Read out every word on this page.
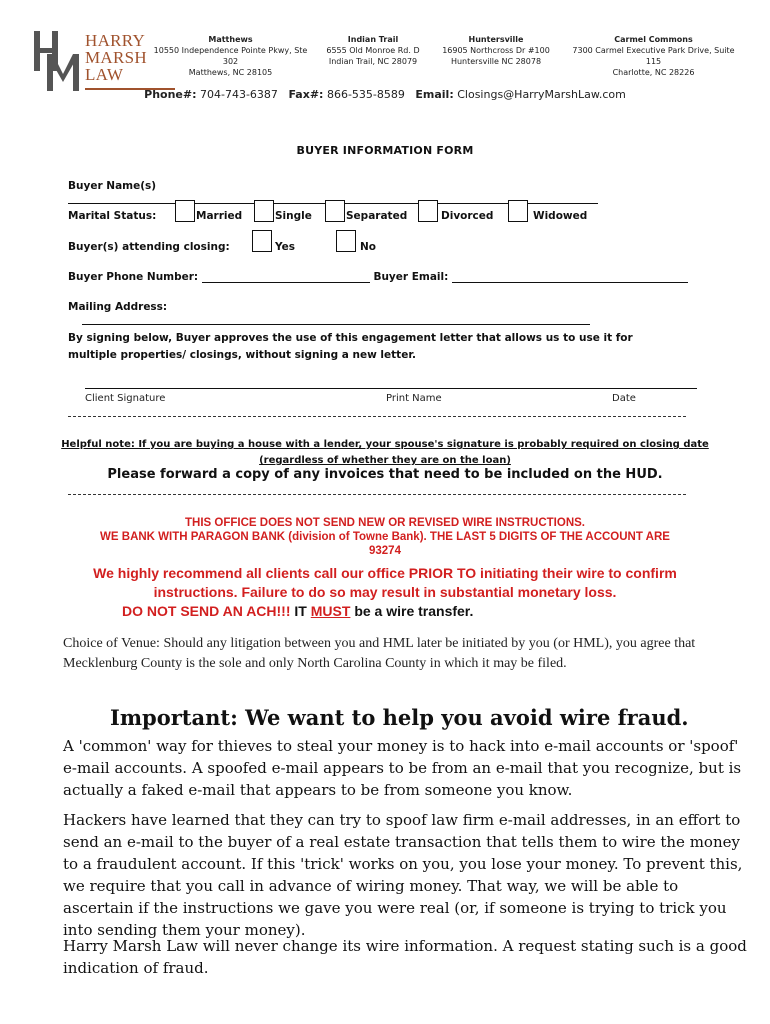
HARRY
MARSH
LAW
Matthews
10550 Independence Pointe Pkwy, Ste 302
Matthews, NC 28105
Indian Trail
6555 Old Monroe Rd. D
Indian Trail, NC 28079
Huntersville
16905 Northcross Dr #100
Huntersville NC 28078
Carmel Commons
7300 Carmel Executive Park Drive, Suite 115
Charlotte, NC 28226
Phone#: 704-743-6387 Fax#: 866-535-8589 Email: Closings@HarryMarshLaw.com
BUYER INFORMATION FORM
Buyer Name(s)
Marital Status:	Married	Single	Separated	Divorced	Widowed
Buyer(s) attending closing:	Yes	No
Buyer Phone Number:	Buyer Email:
Mailing Address:
By signing below, Buyer approves the use of this engagement letter that allows us to use it for multiple properties/ closings, without signing a new letter.
Client Signature	Print Name	Date
Helpful note: If you are buying a house with a lender, your spouse's signature is probably required on closing date (regardless of whether they are on the loan)
Please forward a copy of any invoices that need to be included on the HUD.
THIS OFFICE DOES NOT SEND NEW OR REVISED WIRE INSTRUCTIONS.
WE BANK WITH PARAGON BANK (division of Towne Bank). THE LAST 5 DIGITS OF THE ACCOUNT ARE 93274
We highly recommend all clients call our office PRIOR TO initiating their wire to confirm instructions. Failure to do so may result in substantial monetary loss.
DO NOT SEND AN ACH!!! IT MUST be a wire transfer.
Choice of Venue: Should any litigation between you and HML later be initiated by you (or HML), you agree that Mecklenburg County is the sole and only North Carolina County in which it may be filed.
Important: We want to help you avoid wire fraud.
A 'common' way for thieves to steal your money is to hack into e-mail accounts or 'spoof' e-mail accounts. A spoofed e-mail appears to be from an e-mail that you recognize, but is actually a faked e-mail that appears to be from someone you know.
Hackers have learned that they can try to spoof law firm e-mail addresses, in an effort to send an e-mail to the buyer of a real estate transaction that tells them to wire the money to a fraudulent account. If this 'trick' works on you, you lose your money. To prevent this, we require that you call in advance of wiring money. That way, we will be able to ascertain if the instructions we gave you were real (or, if someone is trying to trick you into sending them your money).
Harry Marsh Law will never change its wire information. A request stating such is a good indication of fraud.
